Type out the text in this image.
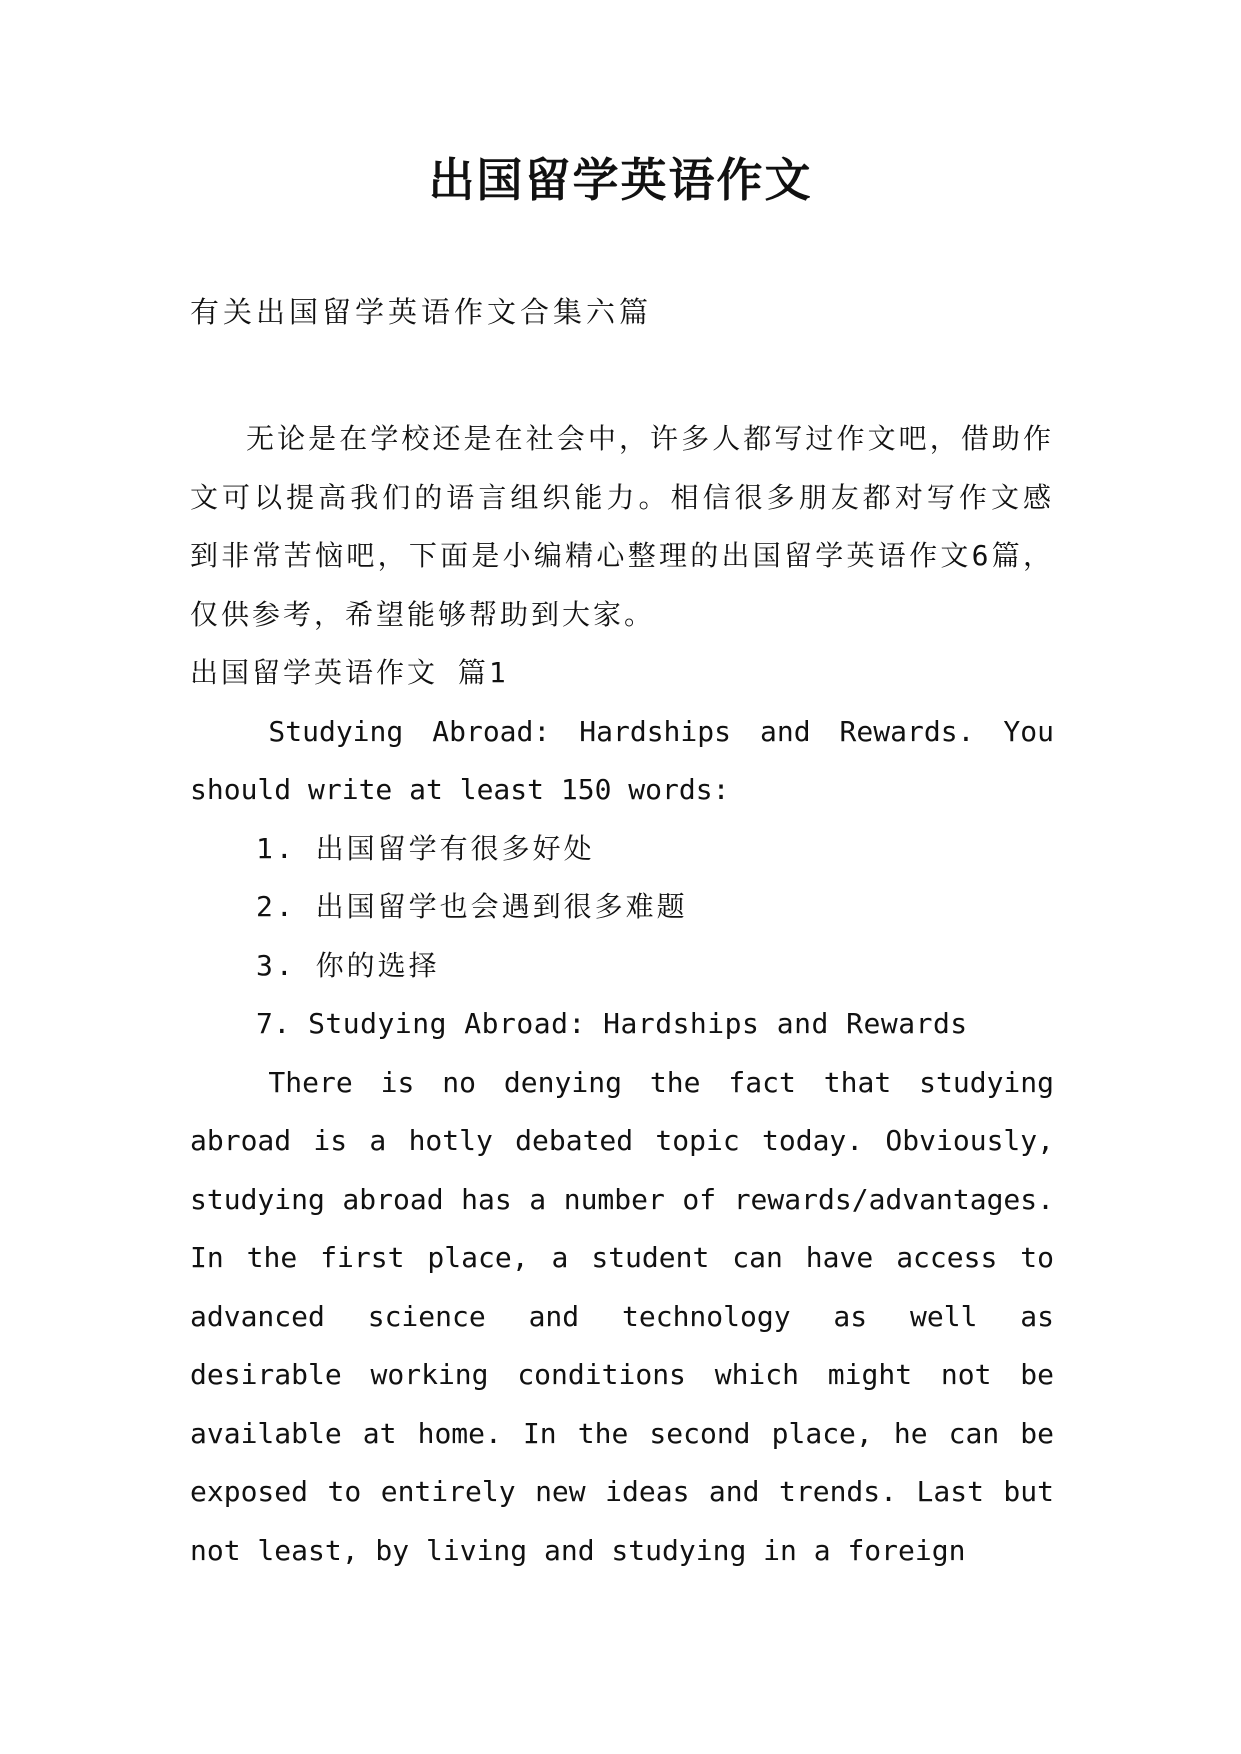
出国留学英语作文
有关出国留学英语作文合集六篇

无论是在学校还是在社会中，许多人都写过作文吧，借助作文可以提高我们的语言组织能力。相信很多朋友都对写作文感到非常苦恼吧，下面是小编精心整理的出国留学英语作文6篇，仅供参考，希望能够帮助到大家。

出国留学英语作文 篇1

Studying Abroad: Hardships and Rewards. You should write at least 150 words:

1. 出国留学有很多好处

2. 出国留学也会遇到很多难题

3. 你的选择

7. Studying Abroad: Hardships and Rewards

There is no denying the fact that studying abroad is a hotly debated topic today. Obviously, studying abroad has a number of rewards/advantages. In the first place, a student can have access to advanced science and technology as well as desirable working conditions which might not be available at home. In the second place, he can be exposed to entirely new ideas and trends. Last but not least, by living and studying in a foreign
